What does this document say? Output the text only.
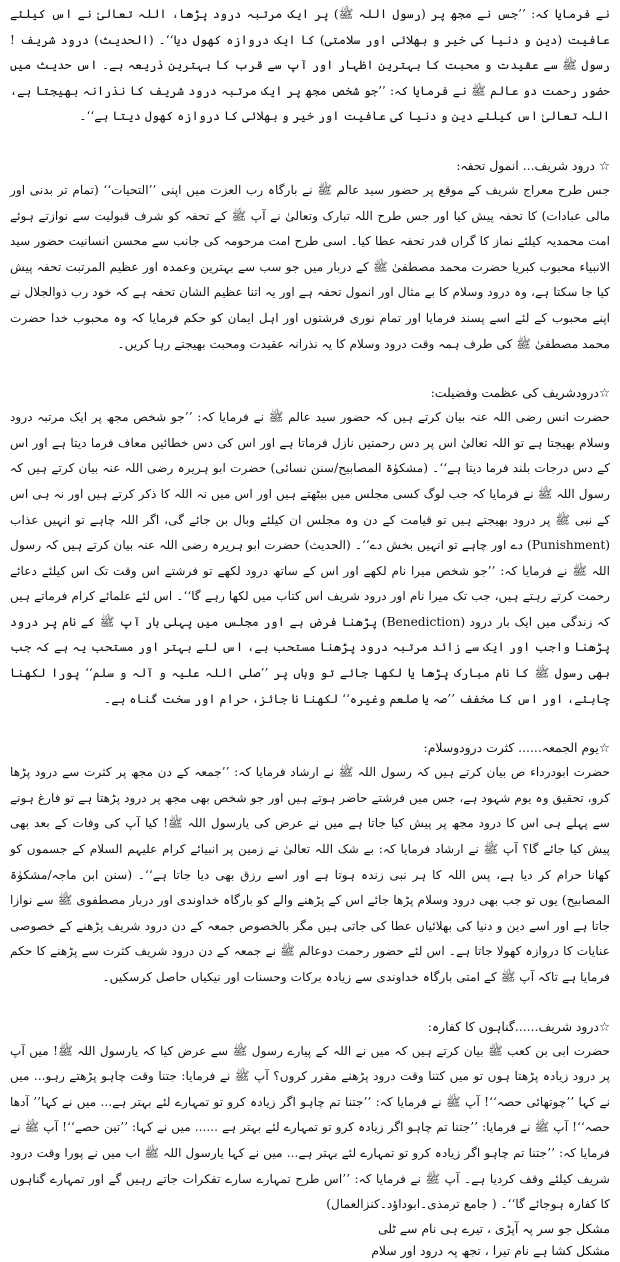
نے فرمایا کہ: ’’جس نے مجھ پر (رسول اللہ ﷺ) پر ایک مرتبہ درود پڑھا، اللہ تعالیٰ نے اس کیلئے عافیت (دین و دنیا کی خیر و بھلائی اور سلامتی) کا ایک دروازہ کھول دیا‘‘۔ (الحدیث) درود شریف ! رسول ﷺ سے عقیدت و محبت کا بہترین اظہار اور آپ سے قرب کا بہترین ذریعہ ہے۔ اس حدیث میں حضور رحمت دو عالم ﷺ نے فرمایا کہ: ’’جو شخص مجھ پر ایک مرتبہ درود شریف کا نذرانہ بھیجتا ہے، اللہ تعالیٰ اس کیلئے دین و دنیا کی عافیت اور خیر و بھلائی کا دروازہ کھول دیتا ہے‘‘۔

☆ درود شریف... انمول تحفہ:

جس طرح معراج شریف کے موقع پر حضور سید عالم ﷺ نے بارگاہ رب العزت میں اپنی ’’التحیات‘‘ (تمام تر بدنی اور مالی عبادات) کا تحفہ پیش کیا اور جس طرح اللہ تبارک وتعالیٰ نے آپ ﷺ کے تحفہ کو شرف قبولیت سے نوازتے ہوئے امت محمدیہ کیلئے نماز کا گراں قدر تحفہ عطا کیا۔ اسی طرح امت مرحومہ کی جانب سے محسن انسانیت حضور سید الانبیاء محبوب کبریا حضرت محمد مصطفیٰ ﷺ کے دربار میں جو سب سے بہترین وعمدہ اور عظیم المرتبت تحفہ پیش کیا جا سکتا ہے، وہ درود وسلام کا بے مثال اور انمول تحفہ ہے اور یہ اتنا عظیم الشان تحفہ ہے کہ خود رب ذوالجلال نے اپنے محبوب کے لئے اسے پسند فرمایا اور تمام نوری فرشتوں اور اہل ایمان کو حکم فرمایا کہ وہ محبوب خدا حضرت محمد مصطفیٰ ﷺ کی طرف ہمہ وقت درود وسلام کا یہ نذرانہ عقیدت ومحبت بھیجتے رہا کریں۔

☆درودشریف کی عظمت وفضیلت:

حضرت انس رضی اللہ عنہ بیان کرتے ہیں کہ حضور سید عالم ﷺ نے فرمایا کہ: ’’جو شخص مجھ پر ایک مرتبہ درود وسلام بھیجتا ہے تو اللہ تعالیٰ اس پر دس رحمتیں نازل فرماتا ہے اور اس کی دس خطائیں معاف فرما دیتا ہے اور اس کے دس درجات بلند فرما دیتا ہے‘‘۔ (مشکوٰۃ المصابیح/سنن نسائی) حضرت ابو ہریرہ رضی اللہ عنہ بیان کرتے ہیں کہ رسول اللہ ﷺ نے فرمایا کہ جب لوگ کسی مجلس میں بیٹھتے ہیں اور اس میں نہ اللہ کا ذکر کرتے ہیں اور نہ ہی اس کے نبی ﷺ پر درود بھیجتے ہیں تو قیامت کے دن وہ مجلس ان کیلئے وبال بن جائے گی، اگر اللہ چاہے تو انہیں عذاب (Punishment) دے اور چاہے تو انہیں بخش دے‘‘۔ (الحدیث) حضرت ابو ہریرہ رضی اللہ عنہ بیان کرتے ہیں کہ رسول اللہ ﷺ نے فرمایا کہ: ’’جو شخص میرا نام لکھے اور اس کے ساتھ درود لکھے تو فرشتے اس وقت تک اس کیلئے دعائے رحمت کرتے رہتے ہیں، جب تک میرا نام اور درود شریف اس کتاب میں لکھا رہے گا‘‘۔ اس لئے علمائے کرام فرماتے ہیں کہ زندگی میں ایک بار درود (Benediction) پڑھنا فرض ہے اور مجلس میں پہلی بار آپ ﷺ کے نام پر درود پڑھنا واجب اور ایک سے زائد مرتبہ درود پڑھنا مستحب ہے، اس لئے بہتر اور مستحب یہ ہے کہ جب بھی رسول ﷺ کا نام مبارک پڑھا یا لکھا جائے تو وہاں پر ’’صلی اللہ علیہ و آلہ و سلم‘‘ پورا لکھنا چاہئے، اور اس کا مخفف ’’صہ یا صلعم وغیرہ‘‘ لکھنا نا جائز، حرام اور سخت گناہ ہے۔

☆یوم الجمعہ...... کثرت درودوسلام:

حضرت ابودرداء ص بیان کرتے ہیں کہ رسول اللہ ﷺ نے ارشاد فرمایا کہ: ’’جمعہ کے دن مجھ پر کثرت سے درود پڑھا کرو، تحقیق وہ یوم شہود ہے، جس میں فرشتے حاضر ہوتے ہیں اور جو شخص بھی مجھ پر درود پڑھتا ہے تو فارغ ہونے سے پہلے ہی اس کا درود مجھ پر پیش کیا جاتا ہے میں نے عرض کی یارسول اللہ ﷺ! کیا آپ کی وفات کے بعد بھی پیش کیا جائے گا؟ آپ ﷺ نے ارشاد فرمایا کہ: بے شک اللہ تعالیٰ نے زمین پر انبیائے کرام علیہم السلام کے جسموں کو کھانا حرام کر دیا ہے، پس اللہ کا ہر نبی زندہ ہوتا ہے اور اسے رزق بھی دیا جاتا ہے‘‘۔ (سنن ابن ماجہ/مشکوٰۃ المصابیح) یوں تو جب بھی درود وسلام پڑھا جائے اس کے پڑھنے والے کو بارگاہ خداوندی اور دربار مصطفوی ﷺ سے نوازا جاتا ہے اور اسے دین و دنیا کی بھلائیاں عطا کی جاتی ہیں مگر بالخصوص جمعہ کے دن درود شریف پڑھنے کے خصوصی عنایات کا دروازہ کھولا جاتا ہے۔ اس لئے حضور رحمت دوعالم ﷺ نے جمعہ کے دن درود شریف کثرت سے پڑھنے کا حکم فرمایا ہے تاکہ آپ ﷺ کے امتی بارگاہ خداوندی سے زیادہ برکات وحسنات اور نیکیاں حاصل کرسکیں۔

☆درود شریف......گناہوں کا کفارہ:

حضرت ابی بن کعب ﷺ بیان کرتے ہیں کہ میں نے اللہ کے پیارے رسول ﷺ سے عرض کیا کہ یارسول اللہ ﷺ! میں آپ پر درود زیادہ پڑھتا ہوں تو میں کتنا وقت درود پڑھنے مقرر کروں؟ آپ ﷺ نے فرمایا: جتنا وقت چاہو پڑھتے رہو... میں نے کہا ’’چوتھائی حصہ‘‘! آپ ﷺ نے فرمایا کہ: ’’جتنا تم چاہو اگر زیادہ کرو تو تمہارے لئے بہتر ہے... میں نے کہا’’ آدھا حصہ‘‘! آپ ﷺ نے فرمایا: ’’جتنا تم چاہو اگر زیادہ کرو تو تمہارے لئے بہتر ہے ...... میں نے کہا: ’’تین حصے‘‘! آپ ﷺ نے فرمایا کہ: ’’جتنا تم چاہو اگر زیادہ کرو تو تمہارے لئے بہتر ہے... میں نے کہا یارسول اللہ ﷺ اب میں نے پورا وقت درود شریف کیلئے وقف کردیا ہے۔ آپ ﷺ نے فرمایا کہ: ’’اس طرح تمہارے سارے تفکرات جاتے رہیں گے اور تمہارے گناہوں کا کفارہ ہوجائے گا‘‘۔ ( جامع ترمذی۔ابوداؤد۔کنزالعمال)

مشکل جو سر پہ آپڑی ، تیرے ہی نام سے ٹلی

مشکل کشا ہے نام تیرا ، تجھ پہ درود اور سلام
